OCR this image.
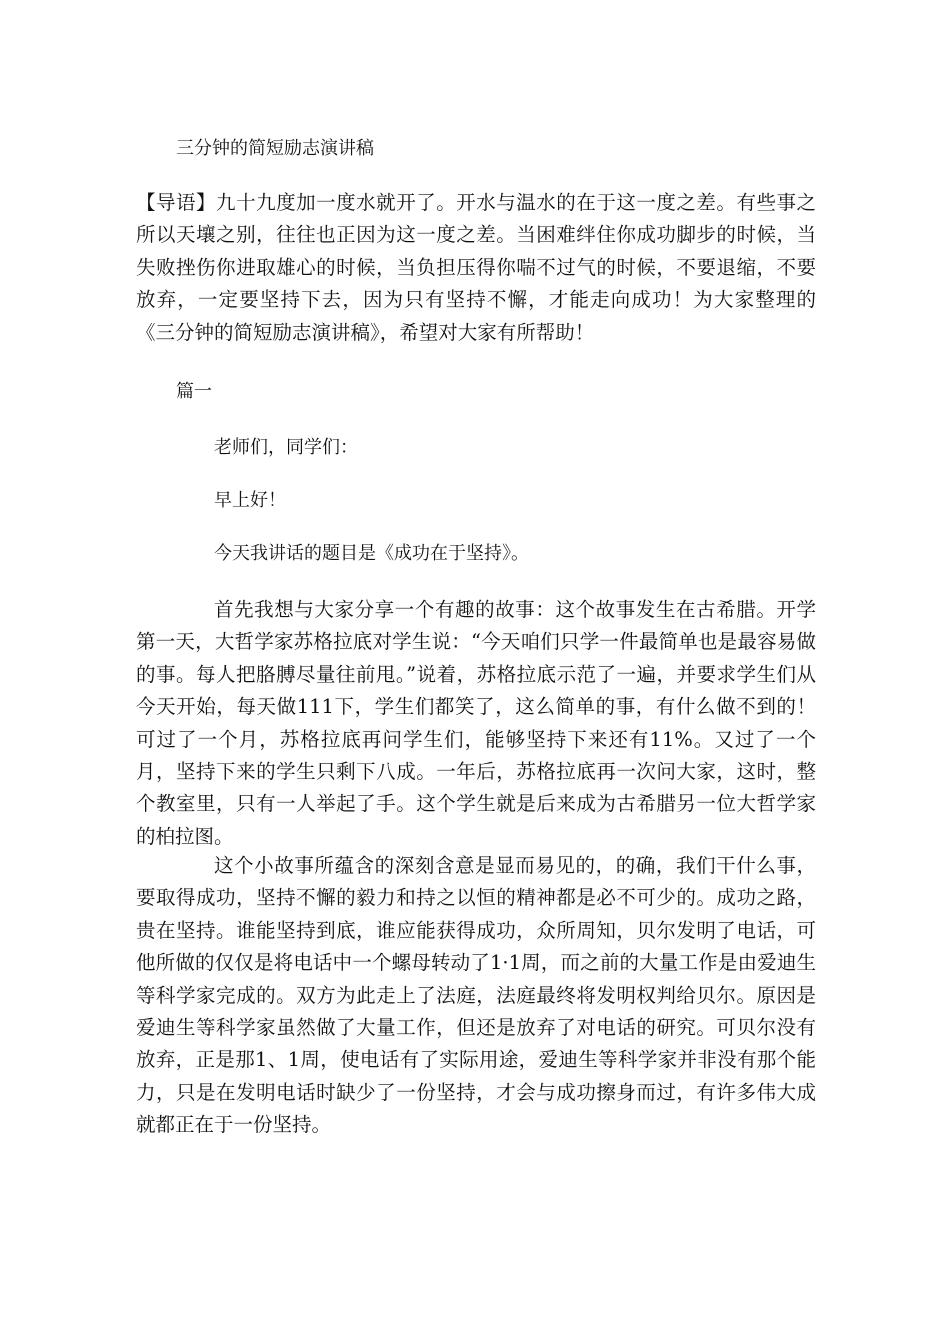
三分钟的简短励志演讲稿
【导语】九十九度加一度水就开了。开水与温水的在于这一度之差。有些事之所以天壤之别，往往也正因为这一度之差。当困难绊住你成功脚步的时候，当失败挫伤你进取雄心的时候，当负担压得你喘不过气的时候，不要退缩，不要放弃，一定要坚持下去，因为只有坚持不懈，才能走向成功！为大家整理的《三分钟的简短励志演讲稿》，希望对大家有所帮助！
篇一
老师们，同学们：
早上好！
今天我讲话的题目是《成功在于坚持》。
首先我想与大家分享一个有趣的故事：这个故事发生在古希腊。开学第一天，大哲学家苏格拉底对学生说：“今天咱们只学一件最简单也是最容易做的事。每人把胳膊尽量往前甩。”说着，苏格拉底示范了一遍，并要求学生们从今天开始，每天做111下，学生们都笑了，这么简单的事，有什么做不到的！可过了一个月，苏格拉底再问学生们，能够坚持下来还有11%。又过了一个月，坚持下来的学生只剩下八成。一年后，苏格拉底再一次问大家，这时，整个教室里，只有一人举起了手。这个学生就是后来成为古希腊另一位大哲学家的柏拉图。
这个小故事所蕴含的深刻含意是显而易见的，的确，我们干什么事，要取得成功，坚持不懈的毅力和持之以恒的精神都是必不可少的。成功之路，贵在坚持。谁能坚持到底，谁应能获得成功，众所周知，贝尔发明了电话，可他所做的仅仅是将电话中一个螺母转动了1·1周，而之前的大量工作是由爱迪生等科学家完成的。双方为此走上了法庭，法庭最终将发明权判给贝尔。原因是爱迪生等科学家虽然做了大量工作，但还是放弃了对电话的研究。可贝尔没有放弃，正是那1、1周，使电话有了实际用途，爱迪生等科学家并非没有那个能力，只是在发明电话时缺少了一份坚持，才会与成功擦身而过，有许多伟大成就都正在于一份坚持。
